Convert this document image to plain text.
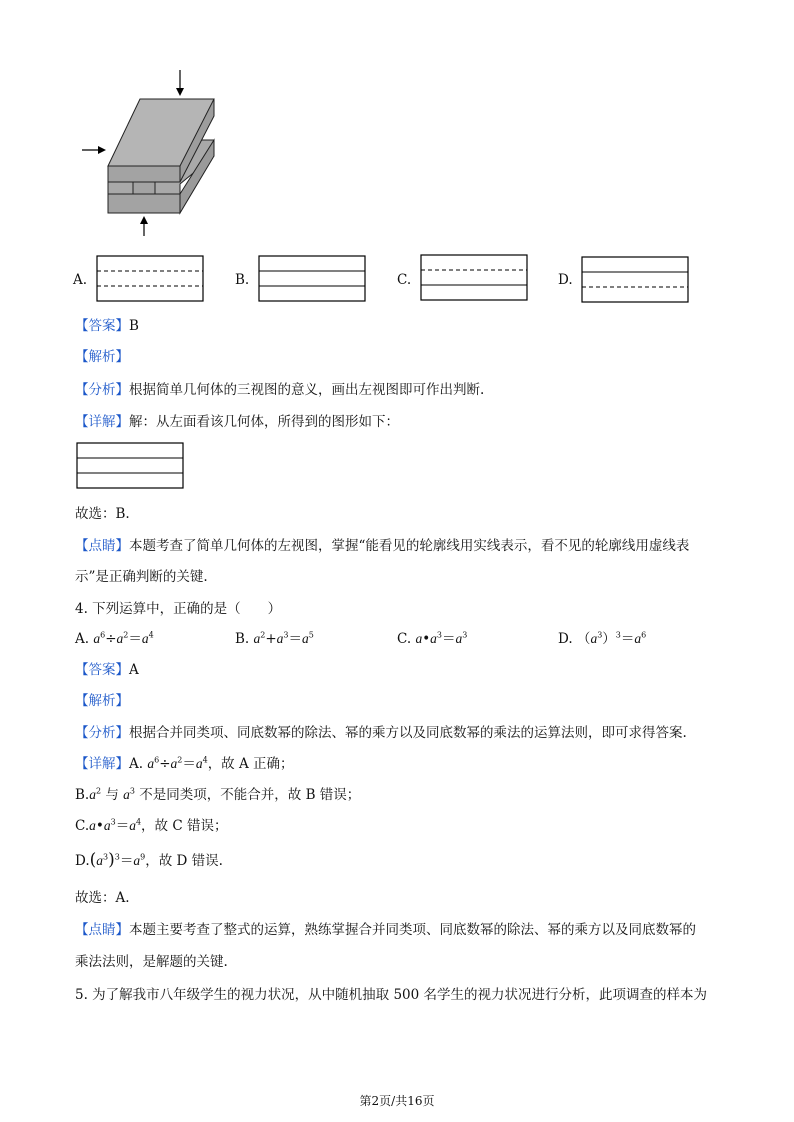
A.	B.	C.	D.
【答案】B
【解析】
【分析】根据简单几何体的三视图的意义，画出左视图即可作出判断.
【详解】解：从左面看该几何体，所得到的图形如下：
故选：B.
【点睛】本题考查了简单几何体的左视图，掌握“能看见的轮廓线用实线表示，看不见的轮廓线用虚线表
示”是正确判断的关键.
4. 下列运算中，正确的是（　　）
A. $a^6\div a^2=a^4$	B. $a^2+a^3=a^5$	C. $a•a^3=a^3$	D. $(a^3)^3=a^6$
【答案】A
【解析】
【分析】根据合并同类项、同底数幂的除法、幂的乘方以及同底数幂的乘法的运算法则，即可求得答案.
【详解】A. $a^6\div a^2=a^4$，故 A 正确；
$B.a^2$ 与 $a^3$ 不是同类项，不能合并，故 B 错误；
$C.a•a^3=a^4$，故 C 错误；
$D.(a^3)^3=a^9$，故 D 错误.
故选：A.
【点睛】本题主要考查了整式的运算，熟练掌握合并同类项、同底数幂的除法、幂的乘方以及同底数幂的
乘法法则，是解题的关键.
5. 为了解我市八年级学生的视力状况，从中随机抽取 500 名学生的视力状况进行分析，此项调查的样本为
第2页/共16页
